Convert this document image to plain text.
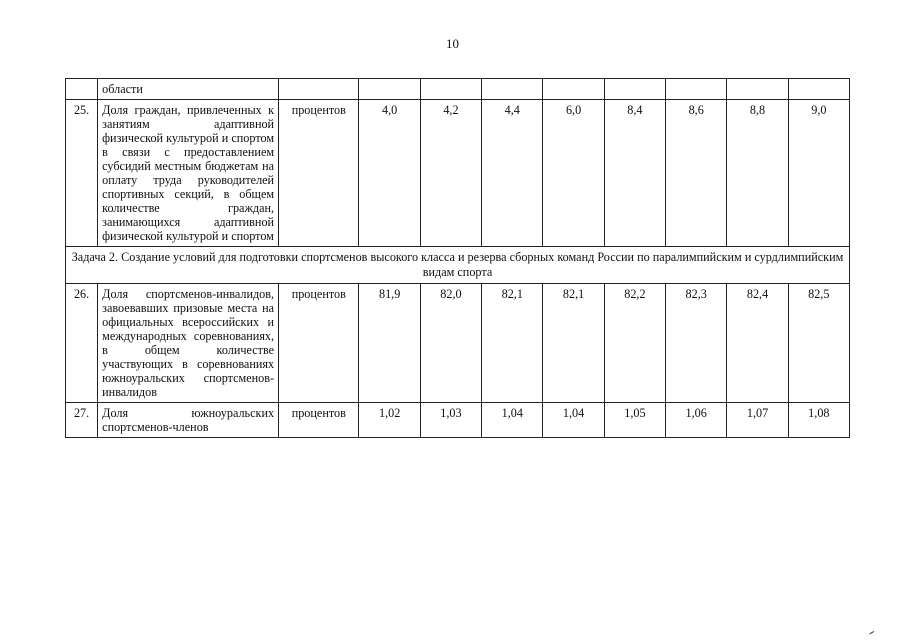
10
	области									
25.	Доля граждан, привлеченных к занятиям адаптивной физической культурой и спортом в связи с предоставлением субсидий местным бюджетам на оплату труда руководителей спортивных секций, в общем количестве граждан, занимающихся адаптивной физической культурой и спортом	процентов	4,0	4,2	4,4	6,0	8,4	8,6	8,8	9,0
Задача 2. Создание условий для подготовки спортсменов высокого класса и резерва сборных команд России по паралимпийским и сурдлимпийским видам спорта										
26.	Доля спортсменов-инвалидов, завоевавших призовые места на официальных всероссийских и международных соревнованиях, в общем количестве участвующих в соревнованиях южноуральских спортсменов-инвалидов	процентов	81,9	82,0	82,1	82,1	82,2	82,3	82,4	82,5
27.	Доля южноуральских спортсменов-членов	процентов	1,02	1,03	1,04	1,04	1,05	1,06	1,07	1,08
